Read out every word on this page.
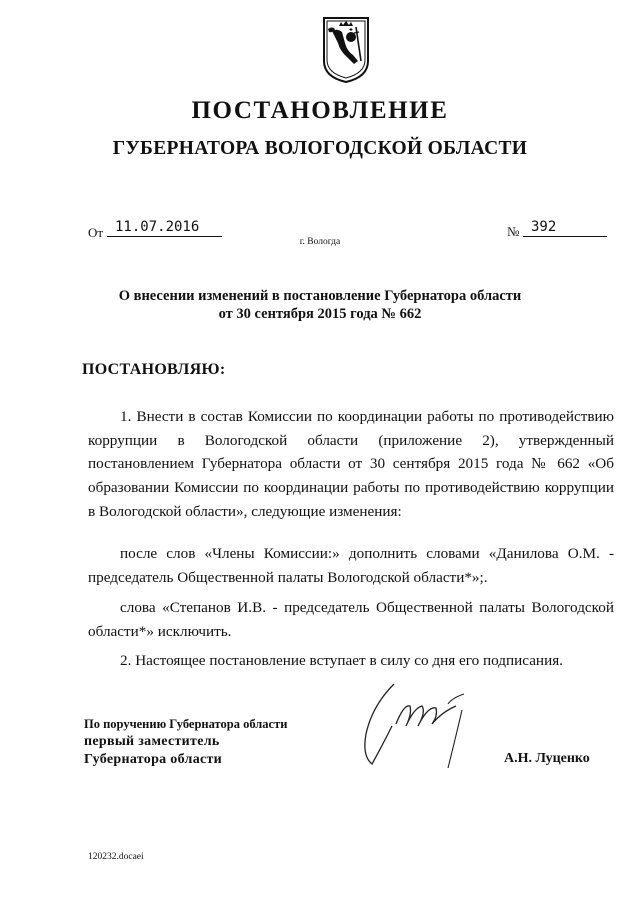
ПОСТАНОВЛЕНИЕ
ГУБЕРНАТОРА ВОЛОГОДСКОЙ ОБЛАСТИ
От 11.07.2016	№ 392
г. Вологда
О внесении изменений в постановление Губернатора области
от 30 сентября 2015 года № 662
ПОСТАНОВЛЯЮ:

1. Внести в состав Комиссии по координации работы по противодействию коррупции в Вологодской области (приложение 2), утвержденный постановлением Губернатора области от 30 сентября 2015 года № 662 «Об образовании Комиссии по координации работы по противодействию коррупции в Вологодской области», следующие изменения:

после слов «Члены Комиссии:» дополнить словами «Данилова О.М. - председатель Общественной палаты Вологодской области*»;.

слова «Степанов И.В. - председатель Общественной палаты Вологодской области*» исключить.

2. Настоящее постановление вступает в силу со дня его подписания.

По поручению Губернатора области
первый заместитель
Губернатора области	А.Н. Луценко
120232.docaei
